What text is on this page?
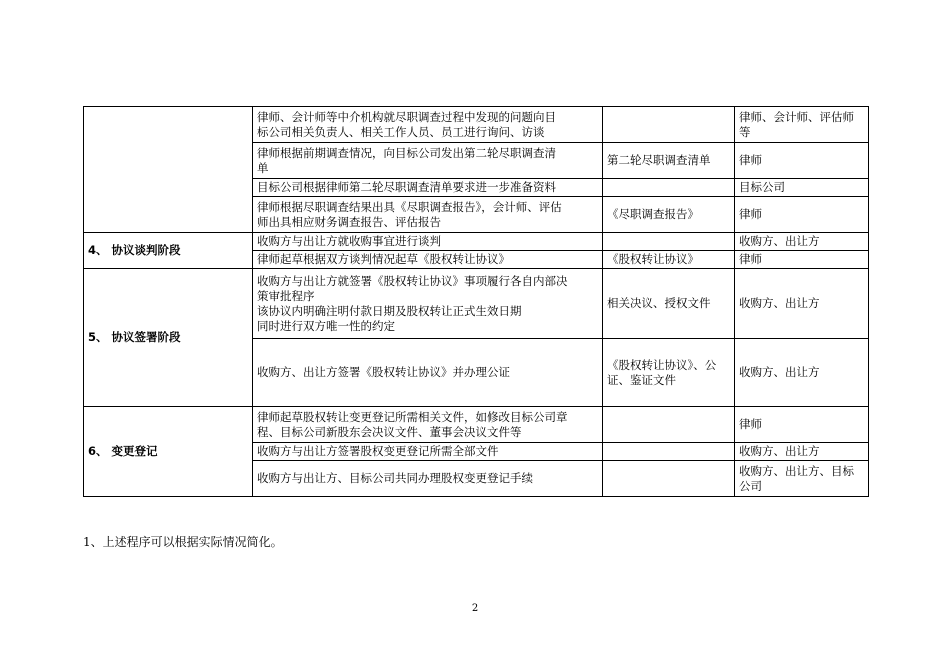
	律师、会计师等中介机构就尽职调查过程中发现的问题向目
标公司相关负责人、相关工作人员、员工进行询问、访谈		律师、会计师、评估师等

	律师根据前期调查情况，向目标公司发出第二轮尽职调查清
单	第二轮尽职调查清单	律师

	目标公司根据律师第二轮尽职调查清单要求进一步准备资料		目标公司

	律师根据尽职调查结果出具《尽职调查报告》，会计师、评估
师出具相应财务调查报告、评估报告	《尽职调查报告》	律师
4、 协议谈判阶段	收购方与出让方就收购事宜进行谈判		收购方、出让方

	律师起草根据双方谈判情况起草《股权转让协议》	《股权转让协议》	律师
5、 协议签署阶段	收购方与出让方就签署《股权转让协议》事项履行各自内部决
策审批程序
该协议内明确注明付款日期及股权转让正式生效日期
同时进行双方唯一性的约定	相关决议、授权文件	收购方、出让方

	收购方、出让方签署《股权转让协议》并办理公证	《股权转让协议》、公证、鉴证文件	收购方、出让方
6、 变更登记	律师起草股权转让变更登记所需相关文件，如修改目标公司章
程、目标公司新股东会决议文件、董事会决议文件等		律师

	收购方与出让方签署股权变更登记所需全部文件		收购方、出让方

	收购方与出让方、目标公司共同办理股权变更登记手续		收购方、出让方、目标公司
1、上述程序可以根据实际情况简化。
2
